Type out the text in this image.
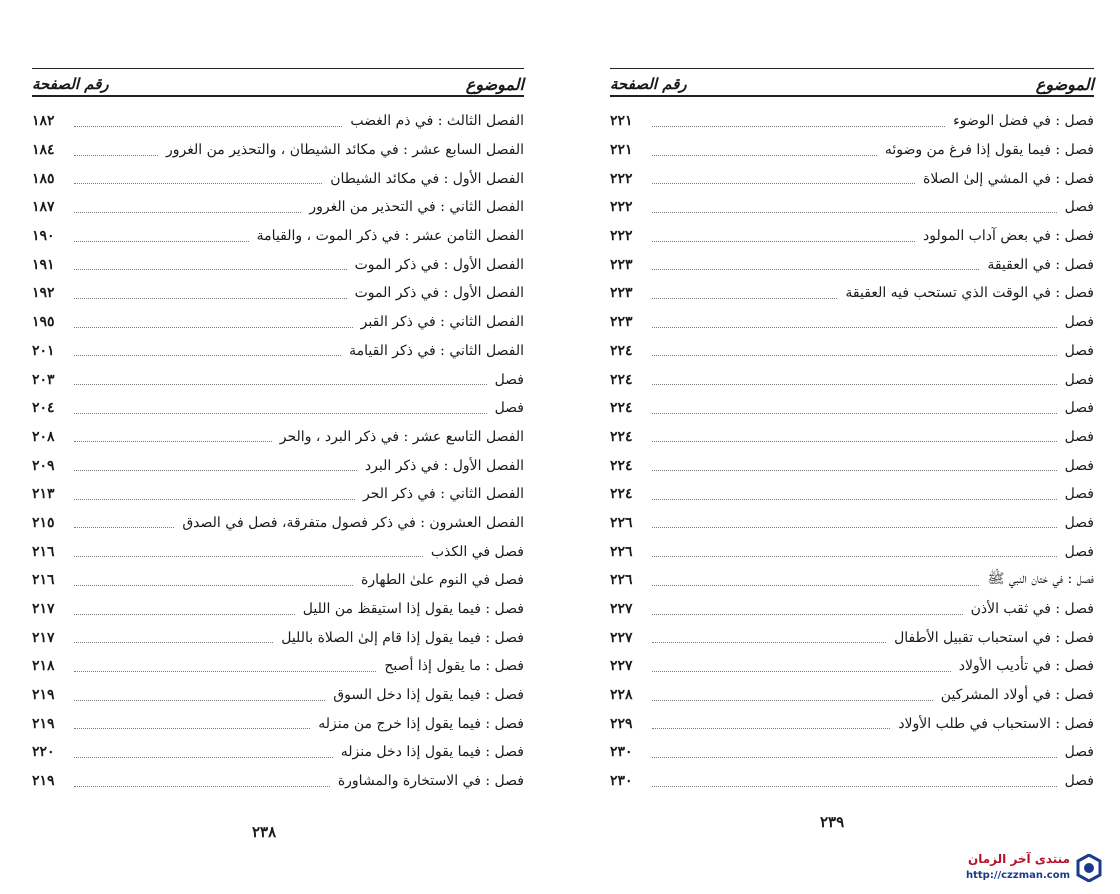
الموضوع
رقم الصفحة
الفصل الثالث : في ذم الغضب
١٨٢
الفصل السابع عشر : في مكائد الشيطان ، والتحذير من الغرور
١٨٤
الفصل الأول : في مكائد الشيطان
١٨٥
الفصل الثاني : في التحذير من الغرور
١٨٧
الفصل الثامن عشر : في ذكر الموت ، والقيامة
١٩٠
الفصل الأول : في ذكر الموت
١٩١
الفصل الأول : في ذكر الموت
١٩٢
الفصل الثاني : في ذكر القبر
١٩٥
الفصل الثاني : في ذكر القيامة
٢٠١
فصل
٢٠٣
فصل
٢٠٤
الفصل التاسع عشر : في ذكر البرد ، والحر
٢٠٨
الفصل الأول : في ذكر البرد
٢٠٩
الفصل الثاني : في ذكر الحر
٢١٣
الفصل العشرون : في ذكر فصول متفرقة، فصل في الصدق
٢١٥
فصل في الكذب
٢١٦
فصل في النوم علىٰ الطهارة
٢١٦
فصل : فيما يقول إذا استيقظ من الليل
٢١٧
فصل : فيما يقول إذا قام إلىٰ الصلاة بالليل
٢١٧
فصل : ما يقول إذا أصبح
٢١٨
فصل : فيما يقول إذا دخل السوق
٢١٩
فصل : فيما يقول إذا خرج من منزله
٢١٩
فصل : فيما يقول إذا دخل منزله
٢٢٠
فصل : في الاستخارة والمشاورة
٢١٩
الموضوع
رقم الصفحة
فصل : في فضل الوضوء
٢٢١
فصل : فيما يقول إذا فرغ من وضوئه
٢٢١
فصل : في المشي إلىٰ الصلاة
٢٢٢
فصل
٢٢٢
فصل : في بعض آداب المولود
٢٢٢
فصل : في العقيقة
٢٢٣
فصل : في الوقت الذي تستحب فيه العقيقة
٢٢٣
فصل
٢٢٣
فصل
٢٢٤
فصل
٢٢٤
فصل
٢٢٤
فصل
٢٢٤
فصل
٢٢٤
فصل
٢٢٤
فصل
٢٢٦
فصل
٢٢٦
فصل : في ختان النبي ﷺ
٢٢٦
فصل : في ثقب الأذن
٢٢٧
فصل : في استحباب تقبيل الأطفال
٢٢٧
فصل : في تأديب الأولاد
٢٢٧
فصل : في أولاد المشركين
٢٢٨
فصل : الاستحباب في طلب الأولاد
٢٢٩
فصل
٢٣٠
فصل
٢٣٠
٢٣٨
٢٣٩
منتدى آخر الزمان
http://czzman.com
